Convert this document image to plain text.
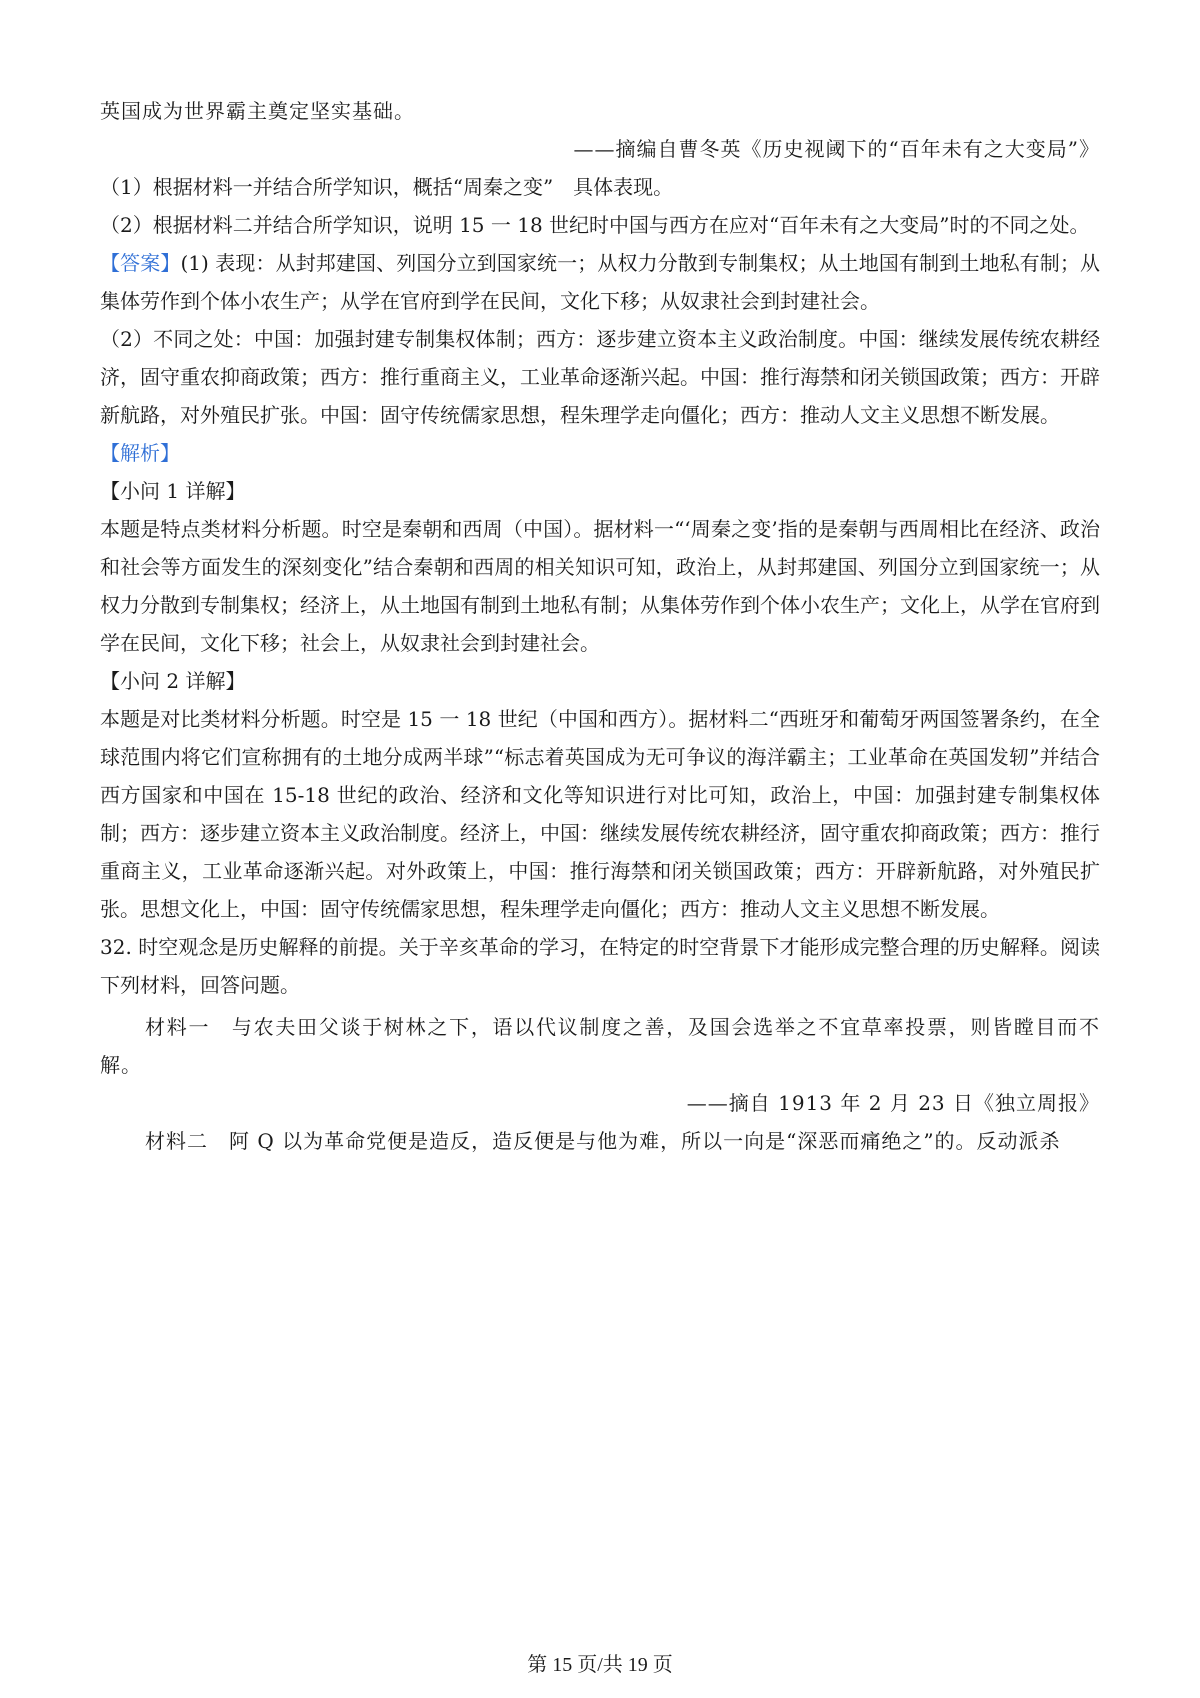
英国成为世界霸主奠定坚实基础。

——摘编自曹冬英《历史视阈下的“百年未有之大变局”》

（1）根据材料一并结合所学知识，概括“周秦之变”　具体表现。

（2）根据材料二并结合所学知识，说明 15 一 18 世纪时中国与西方在应对“百年未有之大变局”时的不同之处。

【答案】(1) 表现：从封邦建国、列国分立到国家统一；从权力分散到专制集权；从土地国有制到土地私有制；从集体劳作到个体小农生产；从学在官府到学在民间，文化下移；从奴隶社会到封建社会。

（2）不同之处：中国：加强封建专制集权体制；西方：逐步建立资本主义政治制度。中国：继续发展传统农耕经济，固守重农抑商政策；西方：推行重商主义，工业革命逐渐兴起。中国：推行海禁和闭关锁国政策；西方：开辟新航路，对外殖民扩张。中国：固守传统儒家思想，程朱理学走向僵化；西方：推动人文主义思想不断发展。

【解析】

【小问 1 详解】

本题是特点类材料分析题。时空是秦朝和西周（中国）。据材料一“‘周秦之变’指的是秦朝与西周相比在经济、政治和社会等方面发生的深刻变化”结合秦朝和西周的相关知识可知，政治上，从封邦建国、列国分立到国家统一；从权力分散到专制集权；经济上，从土地国有制到土地私有制；从集体劳作到个体小农生产；文化上，从学在官府到学在民间，文化下移；社会上，从奴隶社会到封建社会。

【小问 2 详解】

本题是对比类材料分析题。时空是 15 一 18 世纪（中国和西方）。据材料二“西班牙和葡萄牙两国签署条约，在全球范围内将它们宣称拥有的土地分成两半球”“标志着英国成为无可争议的海洋霸主；工业革命在英国发轫”并结合西方国家和中国在 15-18 世纪的政治、经济和文化等知识进行对比可知，政治上，中国：加强封建专制集权体制；西方：逐步建立资本主义政治制度。经济上，中国：继续发展传统农耕经济，固守重农抑商政策；西方：推行重商主义，工业革命逐渐兴起。对外政策上，中国：推行海禁和闭关锁国政策；西方：开辟新航路，对外殖民扩张。思想文化上，中国：固守传统儒家思想，程朱理学走向僵化；西方：推动人文主义思想不断发展。

32. 时空观念是历史解释的前提。关于辛亥革命的学习，在特定的时空背景下才能形成完整合理的历史解释。阅读下列材料，回答问题。

材料一　与农夫田父谈于树林之下，语以代议制度之善，及国会选举之不宜草率投票，则皆瞠目而不解。

——摘自 1913 年 2 月 23 日《独立周报》

材料二　阿 Q 以为革命党便是造反，造反便是与他为难，所以一向是“深恶而痛绝之”的。反动派杀

第 15 页/共 19 页
